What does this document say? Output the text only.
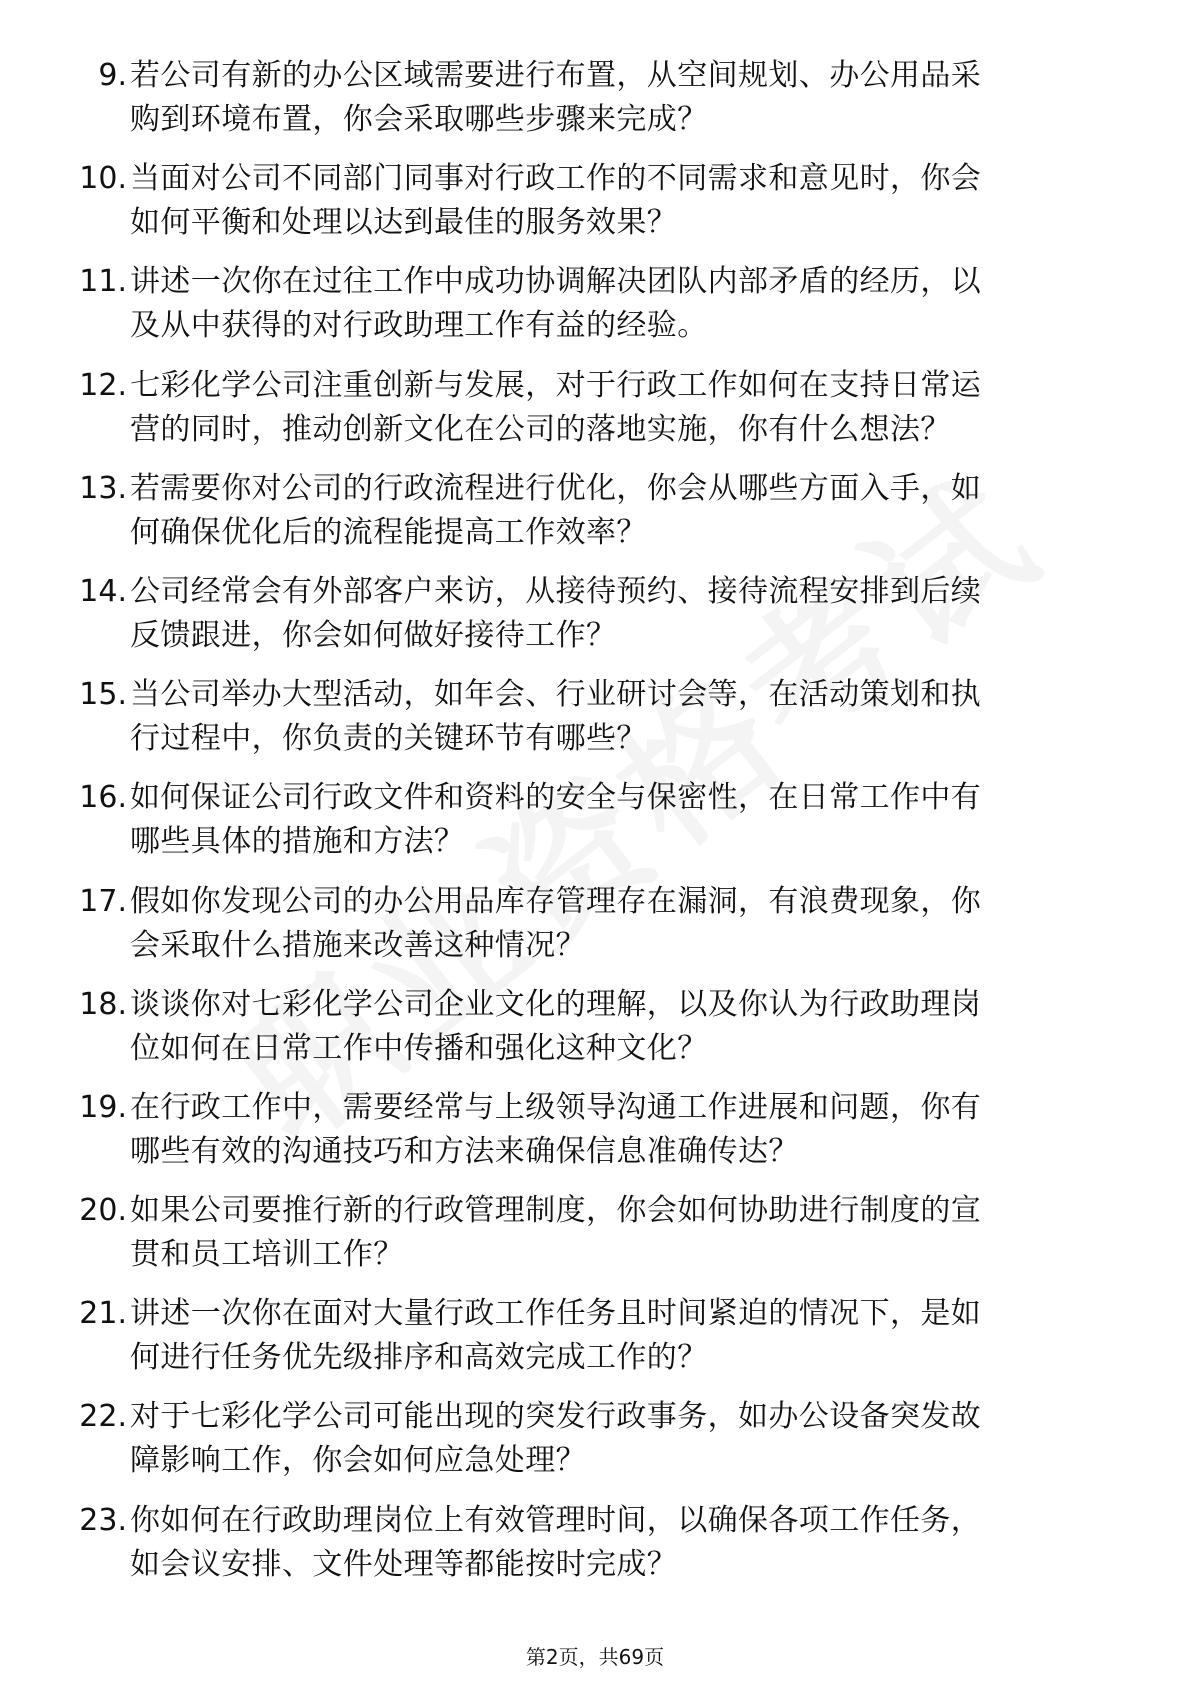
9. 若公司有新的办公区域需要进行布置，从空间规划、办公用品采
购到环境布置，你会采取哪些步骤来完成？
10. 当面对公司不同部门同事对行政工作的不同需求和意见时，你会
如何平衡和处理以达到最佳的服务效果？
11. 讲述一次你在过往工作中成功协调解决团队内部矛盾的经历，以
及从中获得的对行政助理工作有益的经验。
12. 七彩化学公司注重创新与发展，对于行政工作如何在支持日常运
营的同时，推动创新文化在公司的落地实施，你有什么想法？
13. 若需要你对公司的行政流程进行优化，你会从哪些方面入手，如
何确保优化后的流程能提高工作效率？
14. 公司经常会有外部客户来访，从接待预约、接待流程安排到后续
反馈跟进，你会如何做好接待工作？
15. 当公司举办大型活动，如年会、行业研讨会等，在活动策划和执
行过程中，你负责的关键环节有哪些？
16. 如何保证公司行政文件和资料的安全与保密性，在日常工作中有
哪些具体的措施和方法？
17. 假如你发现公司的办公用品库存管理存在漏洞，有浪费现象，你
会采取什么措施来改善这种情况？
18. 谈谈你对七彩化学公司企业文化的理解，以及你认为行政助理岗
位如何在日常工作中传播和强化这种文化？
19. 在行政工作中，需要经常与上级领导沟通工作进展和问题，你有
哪些有效的沟通技巧和方法来确保信息准确传达？
20. 如果公司要推行新的行政管理制度，你会如何协助进行制度的宣
贯和员工培训工作？
21. 讲述一次你在面对大量行政工作任务且时间紧迫的情况下，是如
何进行任务优先级排序和高效完成工作的？
22. 对于七彩化学公司可能出现的突发行政事务，如办公设备突发故
障影响工作，你会如何应急处理？
23. 你如何在行政助理岗位上有效管理时间，以确保各项工作任务，
如会议安排、文件处理等都能按时完成？
第2页，共69页
